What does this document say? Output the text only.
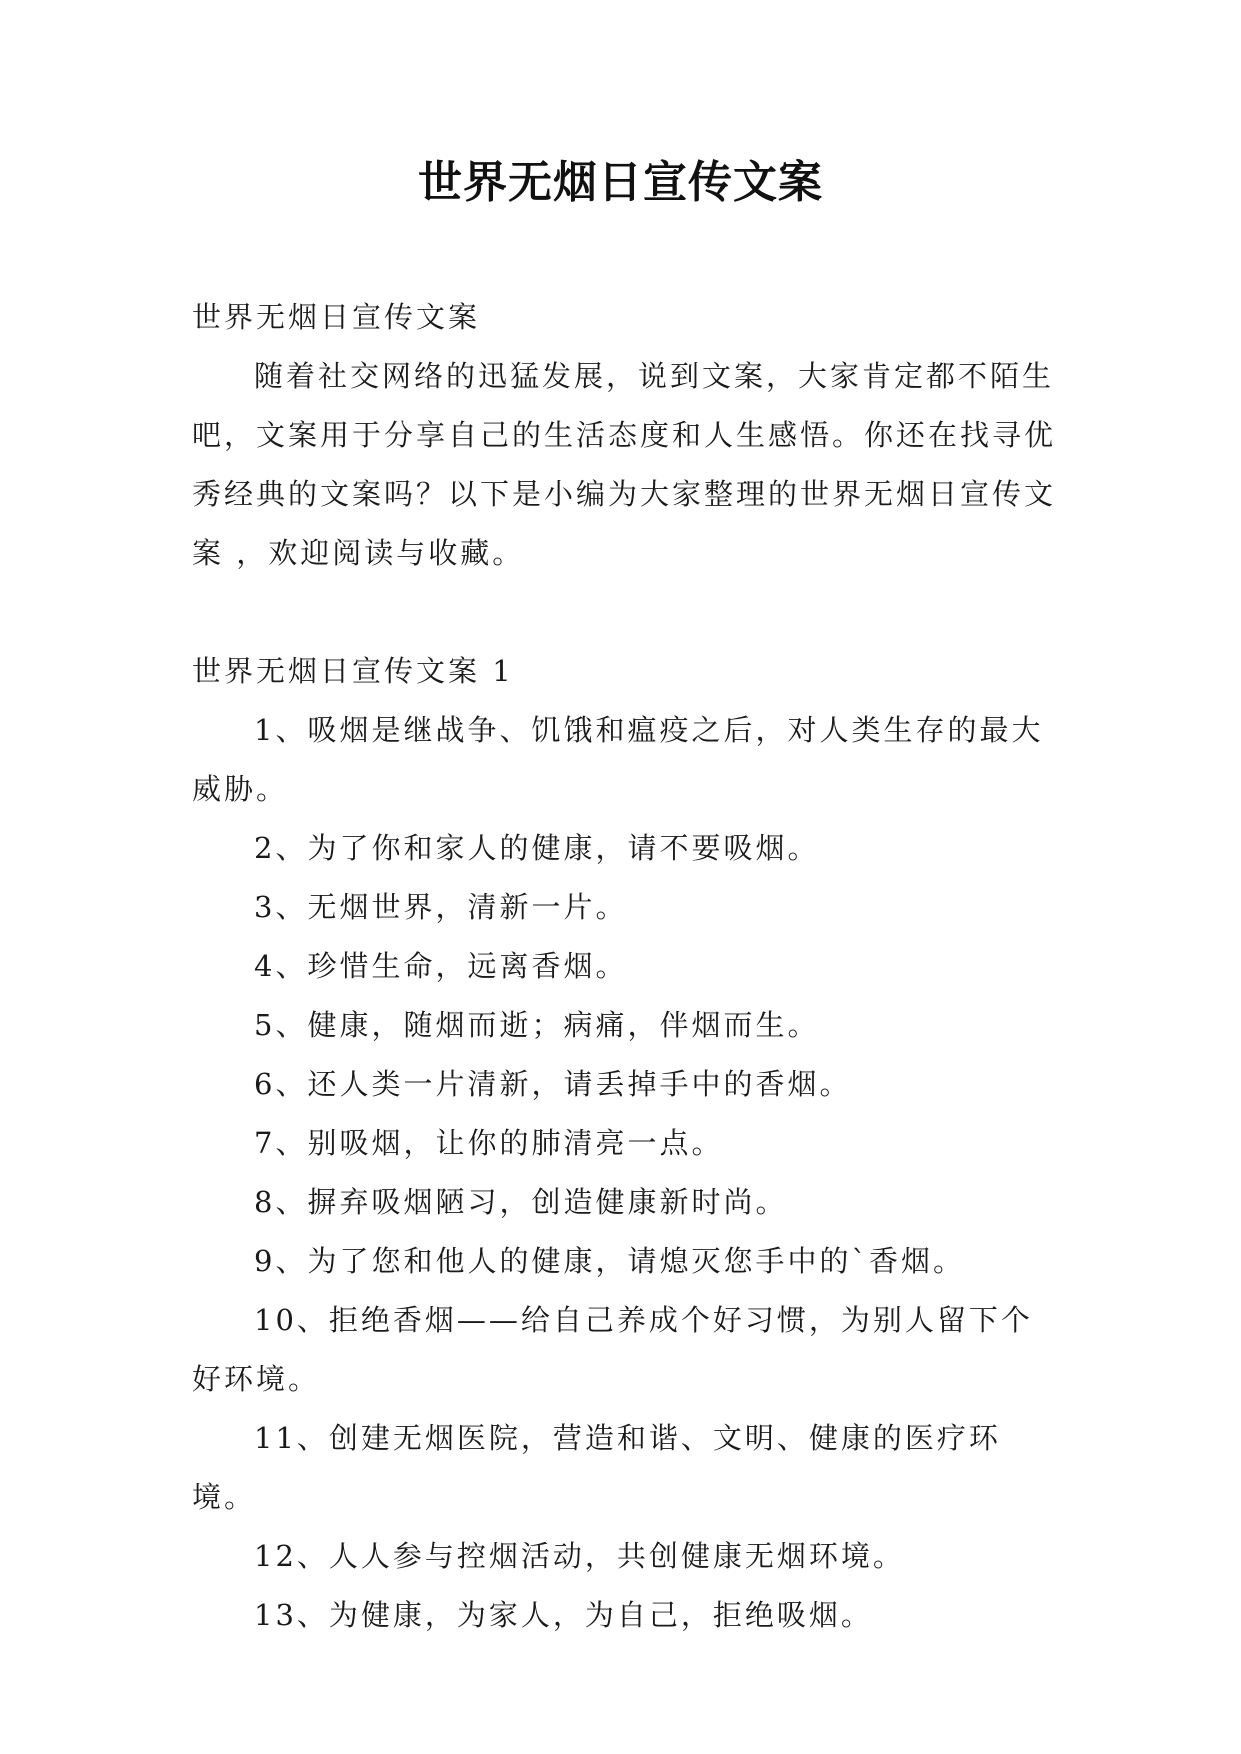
世界无烟日宣传文案

世界无烟日宣传文案

随着社交网络的迅猛发展，说到文案，大家肯定都不陌生吧，文案用于分享自己的生活态度和人生感悟。你还在找寻优秀经典的文案吗？以下是小编为大家整理的世界无烟日宣传文案 ，欢迎阅读与收藏。

世界无烟日宣传文案 1

1、吸烟是继战争、饥饿和瘟疫之后，对人类生存的最大威胁。

2、为了你和家人的健康，请不要吸烟。

3、无烟世界，清新一片。

4、珍惜生命，远离香烟。

5、健康，随烟而逝；病痛，伴烟而生。

6、还人类一片清新，请丢掉手中的香烟。

7、别吸烟，让你的肺清亮一点。

8、摒弃吸烟陋习，创造健康新时尚。

9、为了您和他人的健康，请熄灭您手中的`香烟。

10、拒绝香烟——给自己养成个好习惯，为别人留下个好环境。

11、创建无烟医院，营造和谐、文明、健康的医疗环境。

12、人人参与控烟活动，共创健康无烟环境。

13、为健康，为家人，为自己，拒绝吸烟。
